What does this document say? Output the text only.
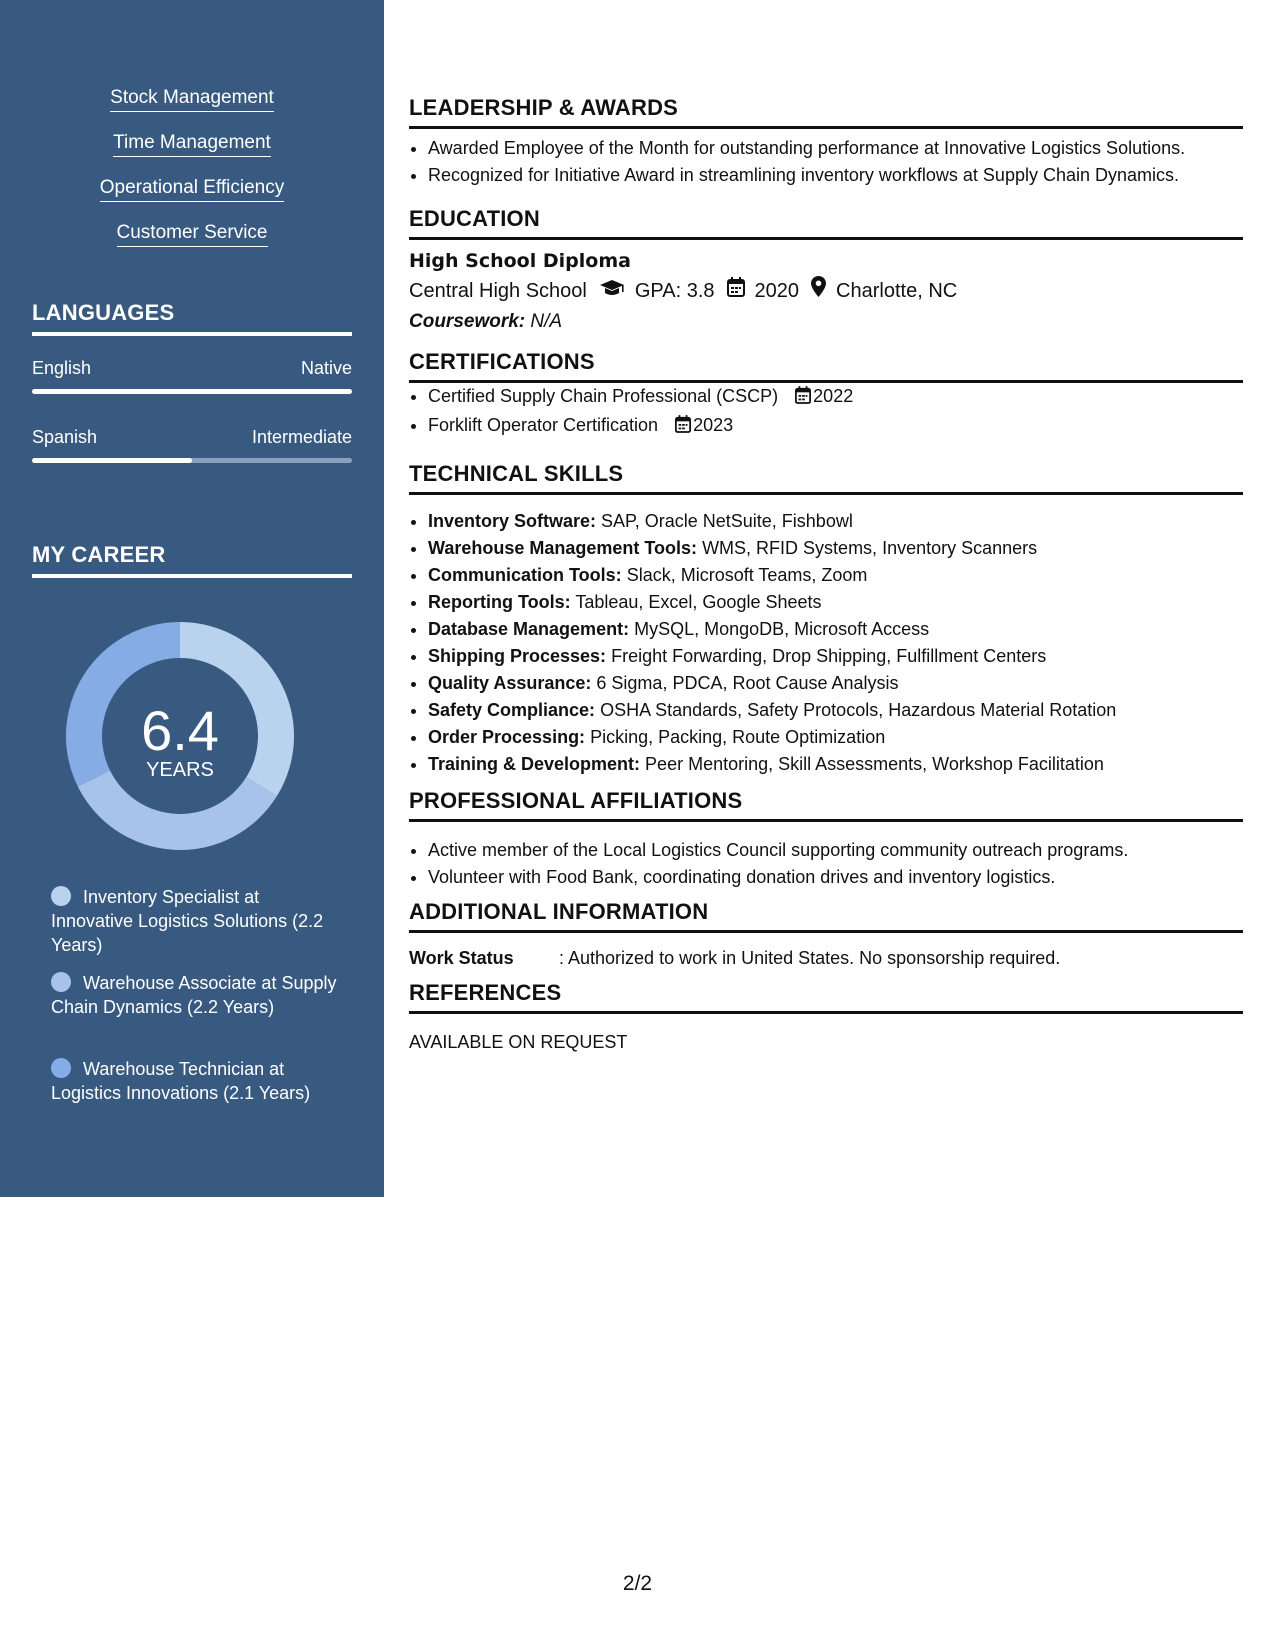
Stock Management
Time Management
Operational Efficiency
Customer Service
LANGUAGES
English	Native
Spanish	Intermediate
MY CAREER
6.4
YEARS
Inventory Specialist at Innovative Logistics Solutions (2.2 Years)
Warehouse Associate at Supply Chain Dynamics (2.2 Years)
Warehouse Technician at Logistics Innovations (2.1 Years)
LEADERSHIP & AWARDS
• Awarded Employee of the Month for outstanding performance at Innovative Logistics Solutions.
• Recognized for Initiative Award in streamlining inventory workflows at Supply Chain Dynamics.
EDUCATION
High School Diploma
Central High School GPA: 3.8 2020 Charlotte, NC
Coursework: N/A
CERTIFICATIONS
• Certified Supply Chain Professional (CSCP) 2022
• Forklift Operator Certification 2023
TECHNICAL SKILLS
• Inventory Software: SAP, Oracle NetSuite, Fishbowl
• Warehouse Management Tools: WMS, RFID Systems, Inventory Scanners
• Communication Tools: Slack, Microsoft Teams, Zoom
• Reporting Tools: Tableau, Excel, Google Sheets
• Database Management: MySQL, MongoDB, Microsoft Access
• Shipping Processes: Freight Forwarding, Drop Shipping, Fulfillment Centers
• Quality Assurance: 6 Sigma, PDCA, Root Cause Analysis
• Safety Compliance: OSHA Standards, Safety Protocols, Hazardous Material Rotation
• Order Processing: Picking, Packing, Route Optimization
• Training & Development: Peer Mentoring, Skill Assessments, Workshop Facilitation
PROFESSIONAL AFFILIATIONS
• Active member of the Local Logistics Council supporting community outreach programs.
• Volunteer with Food Bank, coordinating donation drives and inventory logistics.
ADDITIONAL INFORMATION
Work Status	: Authorized to work in United States. No sponsorship required.
REFERENCES
AVAILABLE ON REQUEST
2/2
